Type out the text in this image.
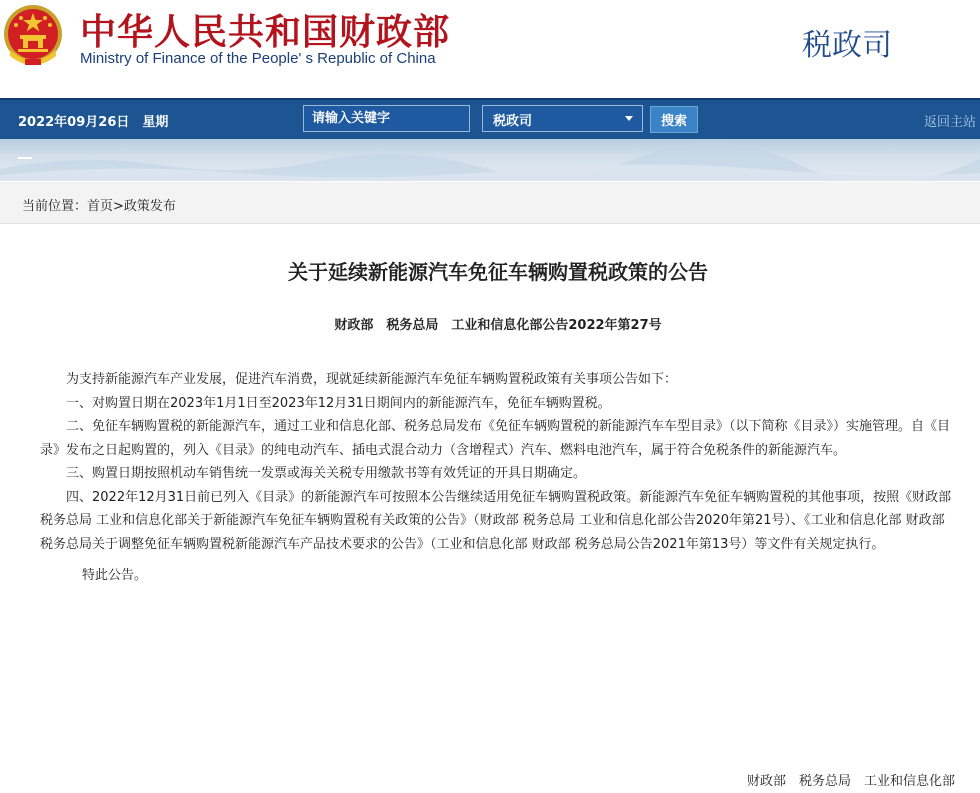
中华人民共和国财政部
Ministry of Finance of the People' s Republic of China	税政司
2022年09月26日　星期
请输入关键字	税政司	搜索	返回主站
当前位置：首页>政策发布
关于延续新能源汽车免征车辆购置税政策的公告
财政部　税务总局　工业和信息化部公告2022年第27号

为支持新能源汽车产业发展，促进汽车消费，现就延续新能源汽车免征车辆购置税政策有关事项公告如下：

一、对购置日期在2023年1月1日至2023年12月31日期间内的新能源汽车，免征车辆购置税。

二、免征车辆购置税的新能源汽车，通过工业和信息化部、税务总局发布《免征车辆购置税的新能源汽车车型目录》（以下简称《目录》）实施管理。自《目录》发布之日起购置的，列入《目录》的纯电动汽车、插电式混合动力（含增程式）汽车、燃料电池汽车，属于符合免税条件的新能源汽车。

三、购置日期按照机动车销售统一发票或海关关税专用缴款书等有效凭证的开具日期确定。

四、2022年12月31日前已列入《目录》的新能源汽车可按照本公告继续适用免征车辆购置税政策。新能源汽车免征车辆购置税的其他事项，按照《财政部 税务总局 工业和信息化部关于新能源汽车免征车辆购置税有关政策的公告》（财政部 税务总局 工业和信息化部公告2020年第21号）、《工业和信息化部 财政部 税务总局关于调整免征车辆购置税新能源汽车产品技术要求的公告》（工业和信息化部 财政部 税务总局公告2021年第13号）等文件有关规定执行。

特此公告。

财政部　税务总局　工业和信息化部
